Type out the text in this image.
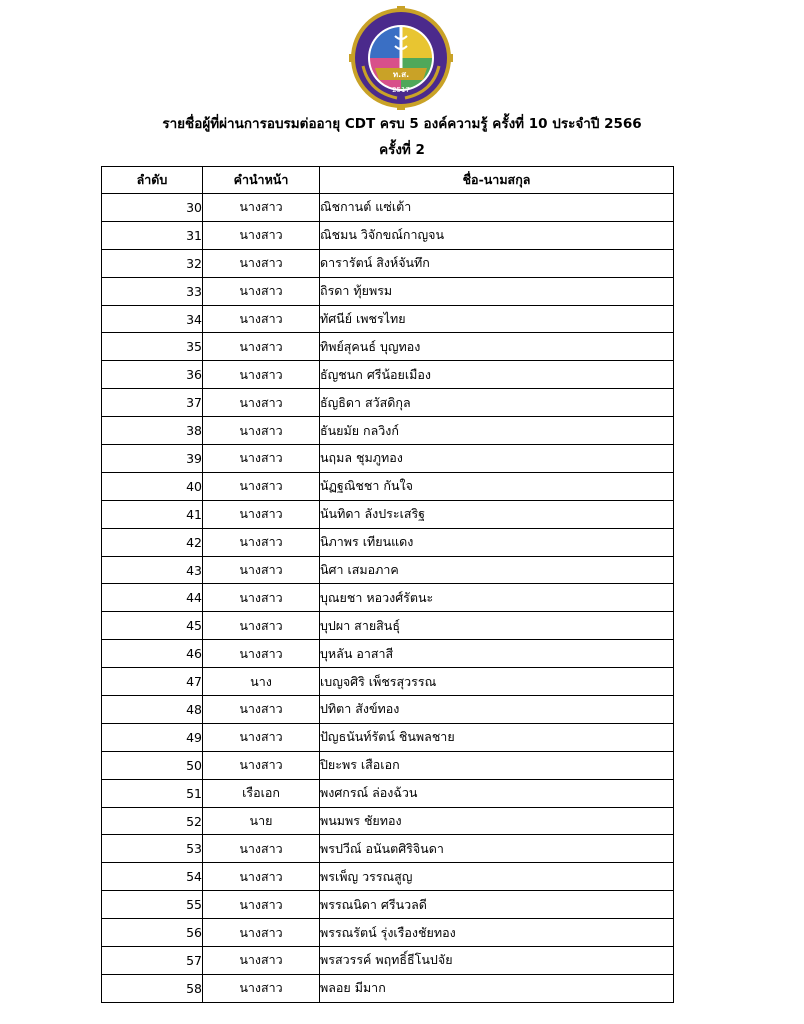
ท.ส.
2517
รายชื่อผู้ที่ผ่านการอบรมต่ออายุ CDT ครบ 5 องค์ความรู้ ครั้งที่ 10 ประจำปี 2566
ครั้งที่ 2
ลำดับ	คำนำหน้า	ชื่อ-นามสกุล
30	นางสาว	ณิชกานต์ แซ่เต้า
31	นางสาว	ณิชมน วิจักขณ์กาญจน
32	นางสาว	ดารารัตน์ สิงห์จันทึก
33	นางสาว	ถิรดา ทุ้ยพรม
34	นางสาว	ทัศนีย์ เพชรไทย
35	นางสาว	ทิพย์สุคนธ์ บุญทอง
36	นางสาว	ธัญชนก ศรีน้อยเมือง
37	นางสาว	ธัญธิดา สวัสดิกุล
38	นางสาว	ธันยมัย กลวิงก์
39	นางสาว	นฤมล ชุมภูทอง
40	นางสาว	นัฏฐณิชชา กันใจ
41	นางสาว	นันทิดา ลังประเสริฐ
42	นางสาว	นิภาพร เทียนแดง
43	นางสาว	นิศา เสมอภาค
44	นางสาว	บุณยชา หอวงศ์รัตนะ
45	นางสาว	บุปผา สายสินธุ์
46	นางสาว	บุหลัน อาสาสี
47	นาง	เบญจศิริ เพ็ชรสุวรรณ
48	นางสาว	ปทิตา สังข์ทอง
49	นางสาว	ปัญธนันท์รัตน์ ชินพลชาย
50	นางสาว	ปิยะพร เสือเอก
51	เรือเอก	พงศกรณ์ ล่องฉ้วน
52	นาย	พนมพร ชัยทอง
53	นางสาว	พรปวีณ์ อนันตศิริจินดา
54	นางสาว	พรเพ็ญ วรรณสูญ
55	นางสาว	พรรณนิดา ศรีนวลดี
56	นางสาว	พรรณรัตน์ รุ่งเรืองชัยทอง
57	นางสาว	พรสวรรค์ พฤทธิ์ธีโนปจัย
58	นางสาว	พลอย มีมาก
